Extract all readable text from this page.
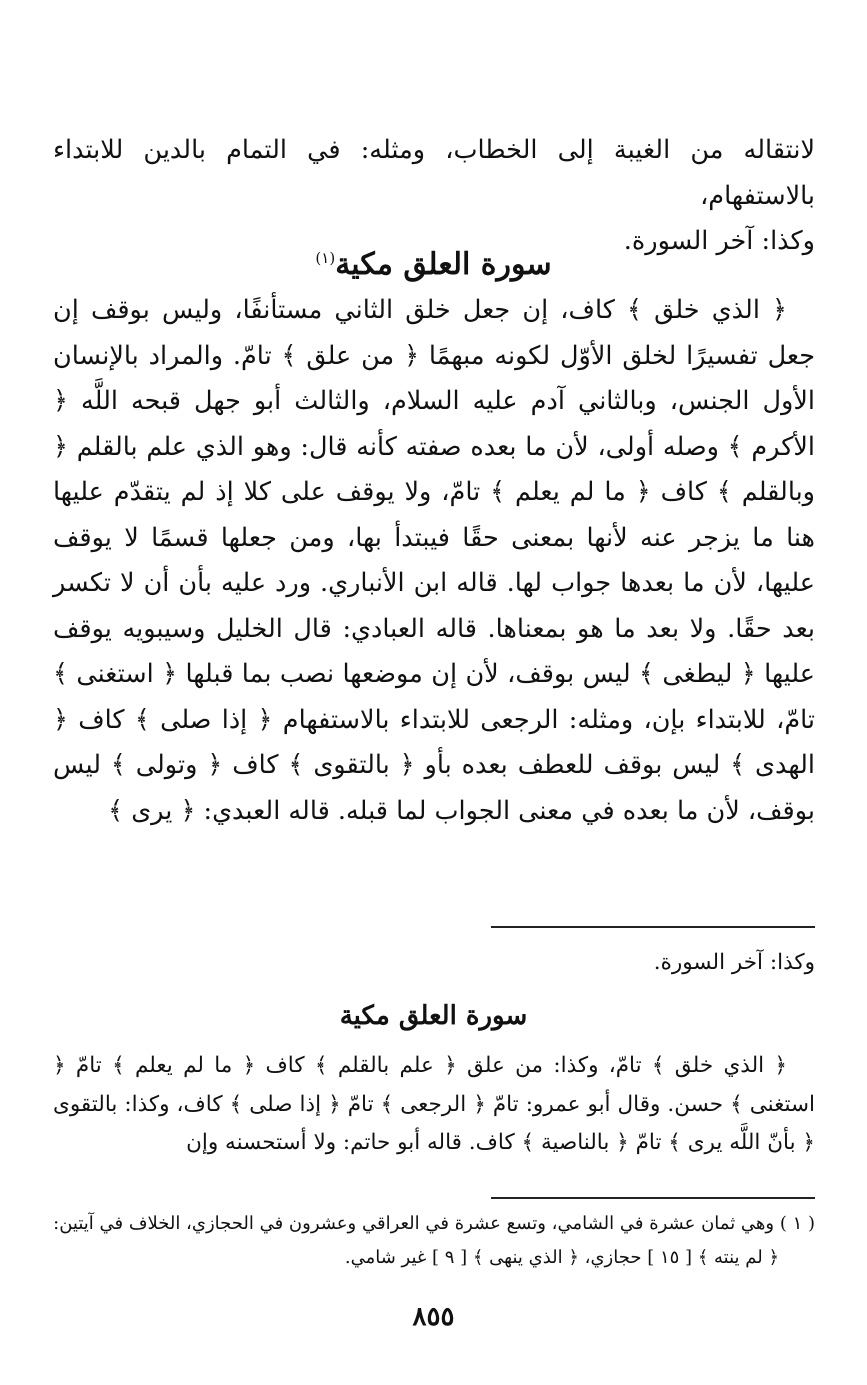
لانتقاله من الغيبة إلى الخطاب، ومثله: في التمام بالدين للابتداء بالاستفهام،

وكذا: آخر السورة.

سورة العلق مكية$^{(١)}$

﴿ الذي خلق ﴾ كاف، إن جعل خلق الثاني مستأنفًا، وليس بوقف إن جعل تفسيرًا لخلق الأوّل لكونه مبهمًا ﴿ من علق ﴾ تامّ. والمراد بالإنسان الأول الجنس، وبالثاني آدم عليه السلام، والثالث أبو جهل قبحه اللَّه ﴿ الأكرم ﴾ وصله أولى، لأن ما بعده صفته كأنه قال: وهو الذي علم بالقلم ﴿ وبالقلم ﴾ كاف ﴿ ما لم يعلم ﴾ تامّ، ولا يوقف على كلا إذ لم يتقدّم عليها هنا ما يزجر عنه لأنها بمعنى حقًا فيبتدأ بها، ومن جعلها قسمًا لا يوقف عليها، لأن ما بعدها جواب لها. قاله ابن الأنباري. ورد عليه بأن أن لا تكسر بعد حقًا. ولا بعد ما هو بمعناها. قاله العبادي: قال الخليل وسيبويه يوقف عليها ﴿ ليطغى ﴾ ليس بوقف، لأن إن موضعها نصب بما قبلها ﴿ استغنى ﴾ تامّ، للابتداء بإن، ومثله: الرجعى للابتداء بالاستفهام ﴿ إذا صلى ﴾ كاف ﴿ الهدى ﴾ ليس بوقف للعطف بعده بأو ﴿ بالتقوى ﴾ كاف ﴿ وتولى ﴾ ليس بوقف، لأن ما بعده في معنى الجواب لما قبله. قاله العبدي: ﴿ يرى ﴾

وكذا: آخر السورة.

سورة العلق مكية

﴿ الذي خلق ﴾ تامّ، وكذا: من علق ﴿ علم بالقلم ﴾ كاف ﴿ ما لم يعلم ﴾ تامّ ﴿ استغنى ﴾ حسن. وقال أبو عمرو: تامّ ﴿ الرجعى ﴾ تامّ ﴿ إذا صلى ﴾ كاف، وكذا: بالتقوى ﴿ بأنّ اللَّه يرى ﴾ تامّ ﴿ بالناصية ﴾ كاف. قاله أبو حاتم: ولا أستحسنه وإن

( ١ ) وهي ثمان عشرة في الشامي، وتسع عشرة في العراقي وعشرون في الحجازي، الخلاف في آيتين:

﴿ لم ينته ﴾ [ ١٥ ] حجازي، ﴿ الذي ينهى ﴾ [ ٩ ] غير شامي.

٨٥٥
